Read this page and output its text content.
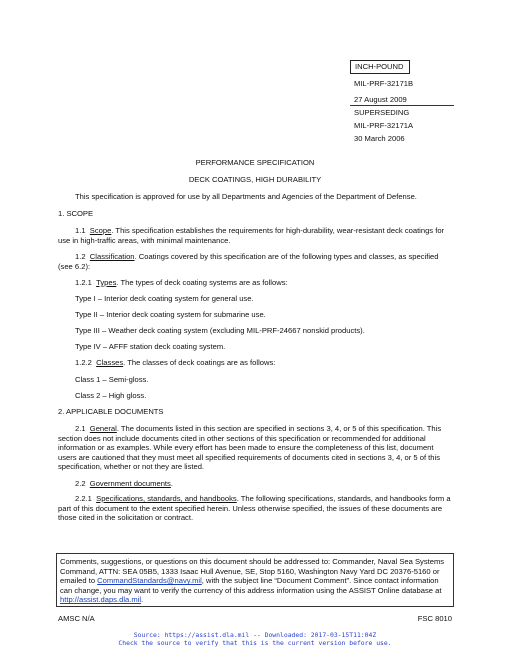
INCH-POUND
MIL-PRF-32171B
27 August 2009
SUPERSEDING
MIL-PRF-32171A
30 March 2006
PERFORMANCE SPECIFICATION
DECK COATINGS, HIGH DURABILITY
This specification is approved for use by all Departments and Agencies of the Department of Defense.
1. SCOPE
1.1 Scope. This specification establishes the requirements for high-durability, wear-resistant deck coatings for use in high-traffic areas, with minimal maintenance.
1.2 Classification. Coatings covered by this specification are of the following types and classes, as specified (see 6.2):
1.2.1 Types. The types of deck coating systems are as follows:
Type I – Interior deck coating system for general use.
Type II – Interior deck coating system for submarine use.
Type III – Weather deck coating system (excluding MIL-PRF-24667 nonskid products).
Type IV – AFFF station deck coating system.
1.2.2 Classes. The classes of deck coatings are as follows:
Class 1 – Semi-gloss.
Class 2 – High gloss.
2. APPLICABLE DOCUMENTS
2.1 General. The documents listed in this section are specified in sections 3, 4, or 5 of this specification. This section does not include documents cited in other sections of this specification or recommended for additional information or as examples. While every effort has been made to ensure the completeness of this list, document users are cautioned that they must meet all specified requirements of documents cited in sections 3, 4, or 5 of this specification, whether or not they are listed.
2.2 Government documents.
2.2.1 Specifications, standards, and handbooks. The following specifications, standards, and handbooks form a part of this document to the extent specified herein. Unless otherwise specified, the issues of these documents are those cited in the solicitation or contract.
Comments, suggestions, or questions on this document should be addressed to: Commander, Naval Sea Systems Command, ATTN: SEA 05B5, 1333 Isaac Hull Avenue, SE, Stop 5160, Washington Navy Yard DC 20376-5160 or emailed to CommandStandards@navy.mil, with the subject line “Document Comment”. Since contact information can change, you may want to verify the currency of this address information using the ASSIST Online database at http://assist.daps.dla.mil.
AMSC N/A	FSC 8010
Source: https://assist.dla.mil -- Downloaded: 2017-03-15T11:04Z
Check the source to verify that this is the current version before use.
